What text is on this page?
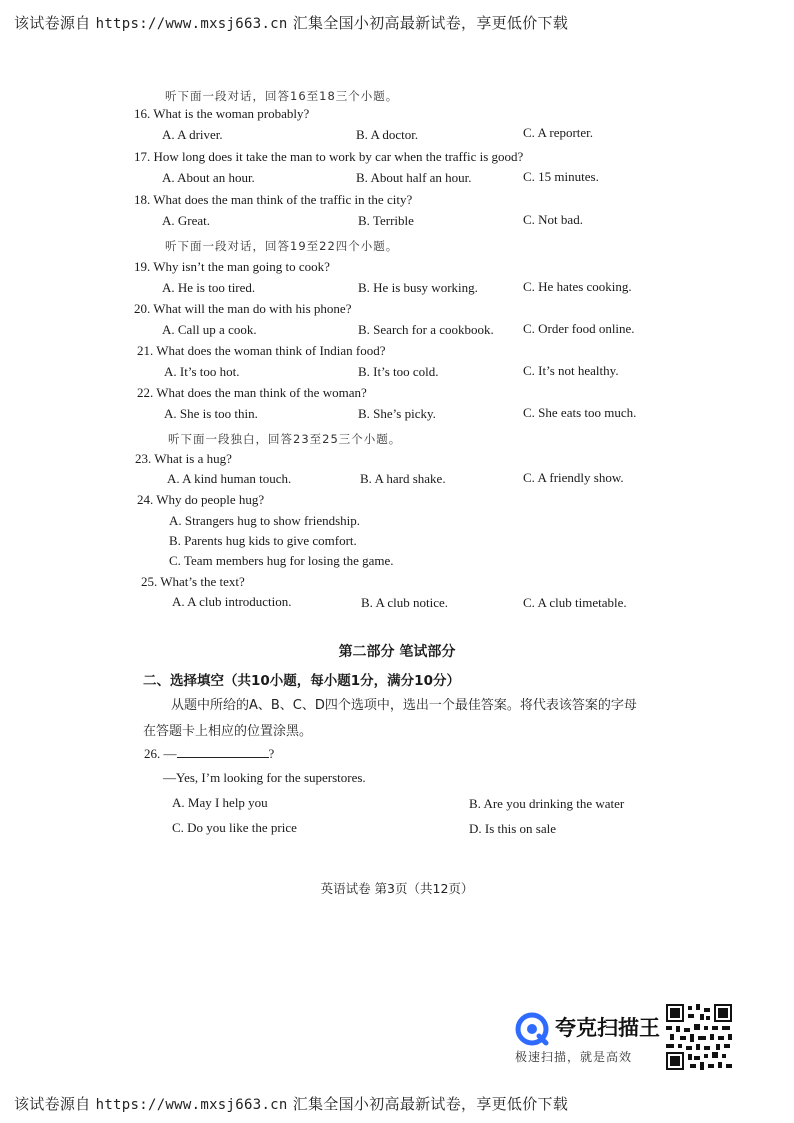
该试卷源自 https://www.mxsj663.cn 汇集全国小初高最新试卷，享更低价下载
听下面一段对话，回答16至18三个小题。
16. What is the woman probably?
A. A driver.	B. A doctor.	C. A reporter.
17. How long does it take the man to work by car when the traffic is good?
A. About an hour.	B. About half an hour.	C. 15 minutes.
18. What does the man think of the traffic in the city?
A. Great.	B. Terrible	C. Not bad.
听下面一段对话，回答19至22四个小题。
19. Why isn’t the man going to cook?
A. He is too tired.	B. He is busy working.	C. He hates cooking.
20. What will the man do with his phone?
A. Call up a cook.	B. Search for a cookbook. C. Order food online.
21. What does the woman think of Indian food?
A. It’s too hot.	B. It’s too cold.	C. It’s not healthy.
22. What does the man think of the woman?
A. She is too thin.	B. She’s picky.	C. She eats too much.
听下面一段独白，回答23至25三个小题。
23. What is a hug?
A. A kind human touch.	B. A hard shake.	C. A friendly show.
24. Why do people hug?
A. Strangers hug to show friendship.
B. Parents hug kids to give comfort.
C. Team members hug for losing the game.
25. What’s the text?
A. A club introduction.	B. A club notice.	C. A club timetable.
第二部分 笔试部分
二、选择填空（共10小题，每小题1分，满分10分）
从题中所给的A、B、C、D四个选项中，选出一个最佳答案。将代表该答案的字母
在答题卡上相应的位置涂黑。
26. —	?
—Yes, I’m looking for the superstores.
A. May I help you	B. Are you drinking the water
C. Do you like the price	D. Is this on sale
英语试卷 第3页（共12页）
夸克扫描王
极速扫描，就是高效
该试卷源自 https://www.mxsj663.cn 汇集全国小初高最新试卷，享更低价下载
